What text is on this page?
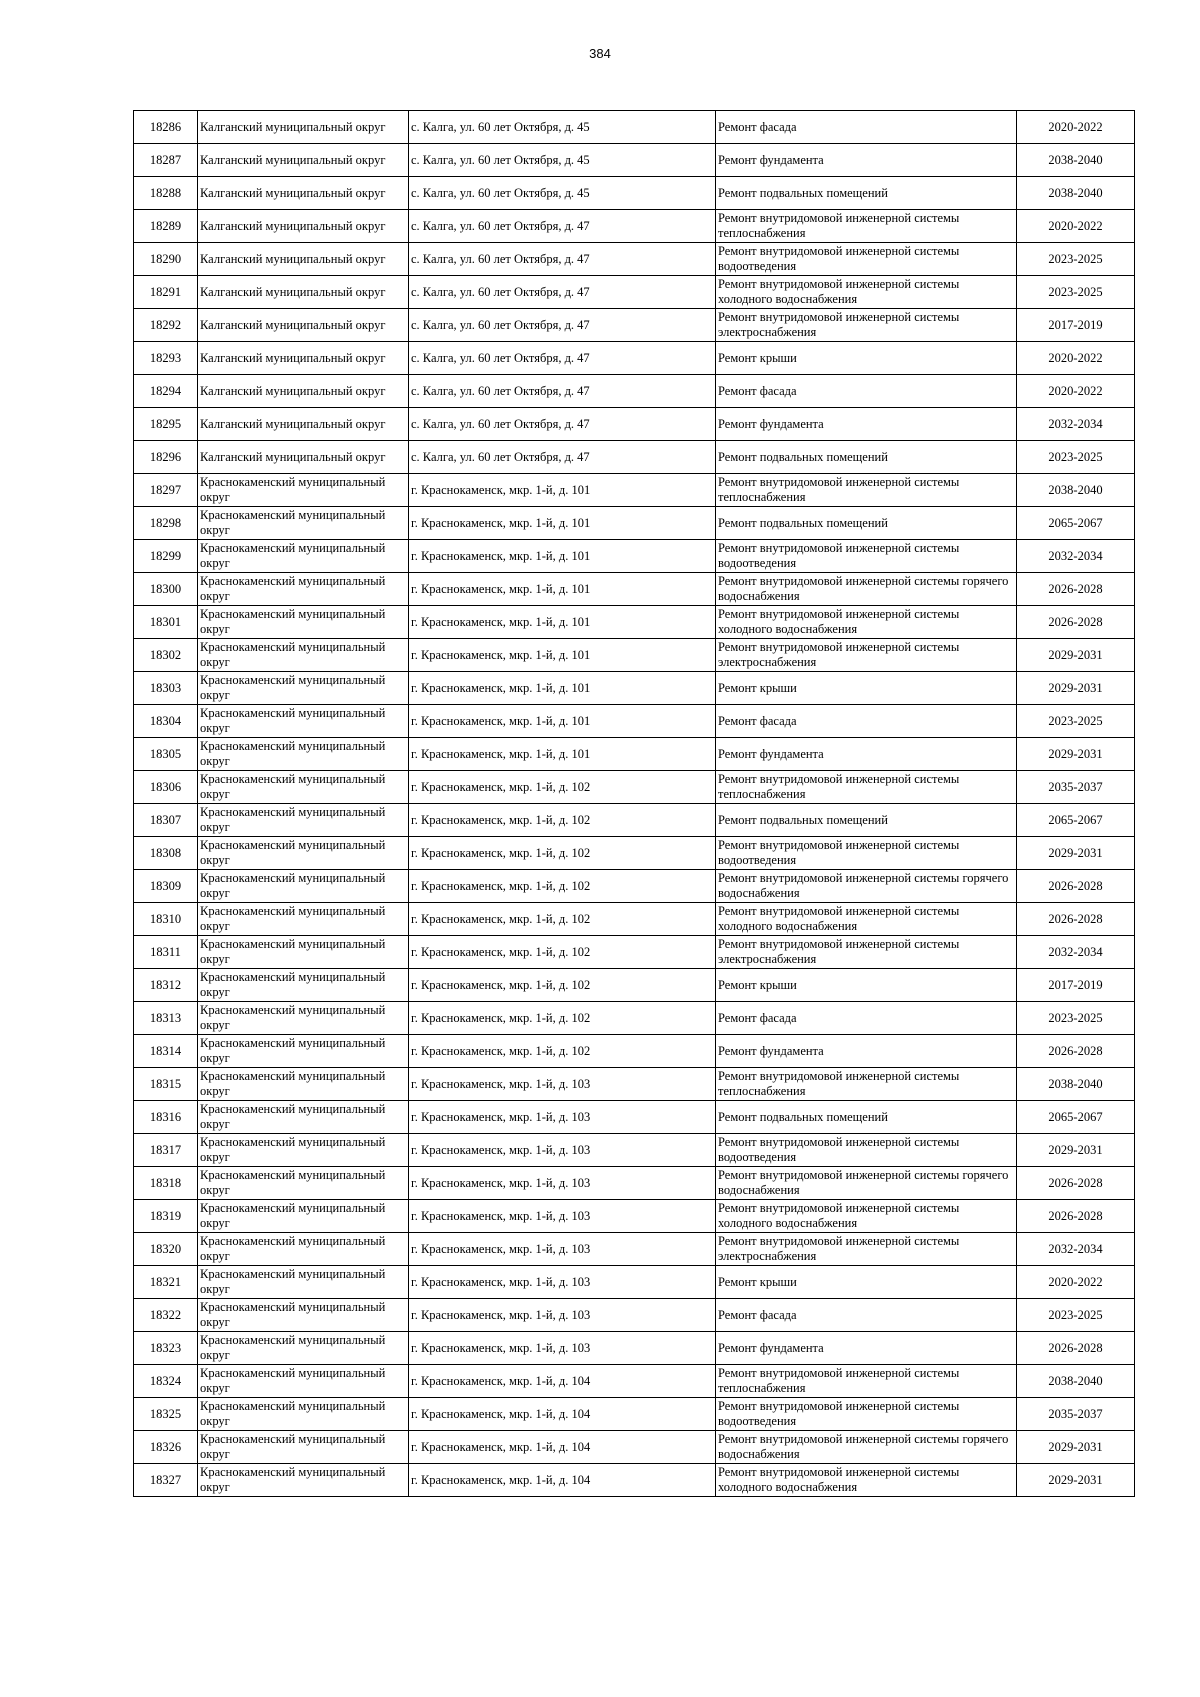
384
18286	Калганский муниципальный округ	с. Калга, ул. 60 лет Октября, д. 45	Ремонт фасада	2020-2022
18287	Калганский муниципальный округ	с. Калга, ул. 60 лет Октября, д. 45	Ремонт фундамента	2038-2040
18288	Калганский муниципальный округ	с. Калга, ул. 60 лет Октября, д. 45	Ремонт подвальных помещений	2038-2040
18289	Калганский муниципальный округ	с. Калга, ул. 60 лет Октября, д. 47	Ремонт внутридомовой инженерной системы теплоснабжения	2020-2022
18290	Калганский муниципальный округ	с. Калга, ул. 60 лет Октября, д. 47	Ремонт внутридомовой инженерной системы водоотведения	2023-2025
18291	Калганский муниципальный округ	с. Калга, ул. 60 лет Октября, д. 47	Ремонт внутридомовой инженерной системы холодного водоснабжения	2023-2025
18292	Калганский муниципальный округ	с. Калга, ул. 60 лет Октября, д. 47	Ремонт внутридомовой инженерной системы электроснабжения	2017-2019
18293	Калганский муниципальный округ	с. Калга, ул. 60 лет Октября, д. 47	Ремонт крыши	2020-2022
18294	Калганский муниципальный округ	с. Калга, ул. 60 лет Октября, д. 47	Ремонт фасада	2020-2022
18295	Калганский муниципальный округ	с. Калга, ул. 60 лет Октября, д. 47	Ремонт фундамента	2032-2034
18296	Калганский муниципальный округ	с. Калга, ул. 60 лет Октября, д. 47	Ремонт подвальных помещений	2023-2025
18297	Краснокаменский муниципальный округ	г. Краснокаменск, мкр. 1-й, д. 101	Ремонт внутридомовой инженерной системы теплоснабжения	2038-2040
18298	Краснокаменский муниципальный округ	г. Краснокаменск, мкр. 1-й, д. 101	Ремонт подвальных помещений	2065-2067
18299	Краснокаменский муниципальный округ	г. Краснокаменск, мкр. 1-й, д. 101	Ремонт внутридомовой инженерной системы водоотведения	2032-2034
18300	Краснокаменский муниципальный округ	г. Краснокаменск, мкр. 1-й, д. 101	Ремонт внутридомовой инженерной системы горячего водоснабжения	2026-2028
18301	Краснокаменский муниципальный округ	г. Краснокаменск, мкр. 1-й, д. 101	Ремонт внутридомовой инженерной системы холодного водоснабжения	2026-2028
18302	Краснокаменский муниципальный округ	г. Краснокаменск, мкр. 1-й, д. 101	Ремонт внутридомовой инженерной системы электроснабжения	2029-2031
18303	Краснокаменский муниципальный округ	г. Краснокаменск, мкр. 1-й, д. 101	Ремонт крыши	2029-2031
18304	Краснокаменский муниципальный округ	г. Краснокаменск, мкр. 1-й, д. 101	Ремонт фасада	2023-2025
18305	Краснокаменский муниципальный округ	г. Краснокаменск, мкр. 1-й, д. 101	Ремонт фундамента	2029-2031
18306	Краснокаменский муниципальный округ	г. Краснокаменск, мкр. 1-й, д. 102	Ремонт внутридомовой инженерной системы теплоснабжения	2035-2037
18307	Краснокаменский муниципальный округ	г. Краснокаменск, мкр. 1-й, д. 102	Ремонт подвальных помещений	2065-2067
18308	Краснокаменский муниципальный округ	г. Краснокаменск, мкр. 1-й, д. 102	Ремонт внутридомовой инженерной системы водоотведения	2029-2031
18309	Краснокаменский муниципальный округ	г. Краснокаменск, мкр. 1-й, д. 102	Ремонт внутридомовой инженерной системы горячего водоснабжения	2026-2028
18310	Краснокаменский муниципальный округ	г. Краснокаменск, мкр. 1-й, д. 102	Ремонт внутридомовой инженерной системы холодного водоснабжения	2026-2028
18311	Краснокаменский муниципальный округ	г. Краснокаменск, мкр. 1-й, д. 102	Ремонт внутридомовой инженерной системы электроснабжения	2032-2034
18312	Краснокаменский муниципальный округ	г. Краснокаменск, мкр. 1-й, д. 102	Ремонт крыши	2017-2019
18313	Краснокаменский муниципальный округ	г. Краснокаменск, мкр. 1-й, д. 102	Ремонт фасада	2023-2025
18314	Краснокаменский муниципальный округ	г. Краснокаменск, мкр. 1-й, д. 102	Ремонт фундамента	2026-2028
18315	Краснокаменский муниципальный округ	г. Краснокаменск, мкр. 1-й, д. 103	Ремонт внутридомовой инженерной системы теплоснабжения	2038-2040
18316	Краснокаменский муниципальный округ	г. Краснокаменск, мкр. 1-й, д. 103	Ремонт подвальных помещений	2065-2067
18317	Краснокаменский муниципальный округ	г. Краснокаменск, мкр. 1-й, д. 103	Ремонт внутридомовой инженерной системы водоотведения	2029-2031
18318	Краснокаменский муниципальный округ	г. Краснокаменск, мкр. 1-й, д. 103	Ремонт внутридомовой инженерной системы горячего водоснабжения	2026-2028
18319	Краснокаменский муниципальный округ	г. Краснокаменск, мкр. 1-й, д. 103	Ремонт внутридомовой инженерной системы холодного водоснабжения	2026-2028
18320	Краснокаменский муниципальный округ	г. Краснокаменск, мкр. 1-й, д. 103	Ремонт внутридомовой инженерной системы электроснабжения	2032-2034
18321	Краснокаменский муниципальный округ	г. Краснокаменск, мкр. 1-й, д. 103	Ремонт крыши	2020-2022
18322	Краснокаменский муниципальный округ	г. Краснокаменск, мкр. 1-й, д. 103	Ремонт фасада	2023-2025
18323	Краснокаменский муниципальный округ	г. Краснокаменск, мкр. 1-й, д. 103	Ремонт фундамента	2026-2028
18324	Краснокаменский муниципальный округ	г. Краснокаменск, мкр. 1-й, д. 104	Ремонт внутридомовой инженерной системы теплоснабжения	2038-2040
18325	Краснокаменский муниципальный округ	г. Краснокаменск, мкр. 1-й, д. 104	Ремонт внутридомовой инженерной системы водоотведения	2035-2037
18326	Краснокаменский муниципальный округ	г. Краснокаменск, мкр. 1-й, д. 104	Ремонт внутридомовой инженерной системы горячего водоснабжения	2029-2031
18327	Краснокаменский муниципальный округ	г. Краснокаменск, мкр. 1-й, д. 104	Ремонт внутридомовой инженерной системы холодного водоснабжения	2029-2031
